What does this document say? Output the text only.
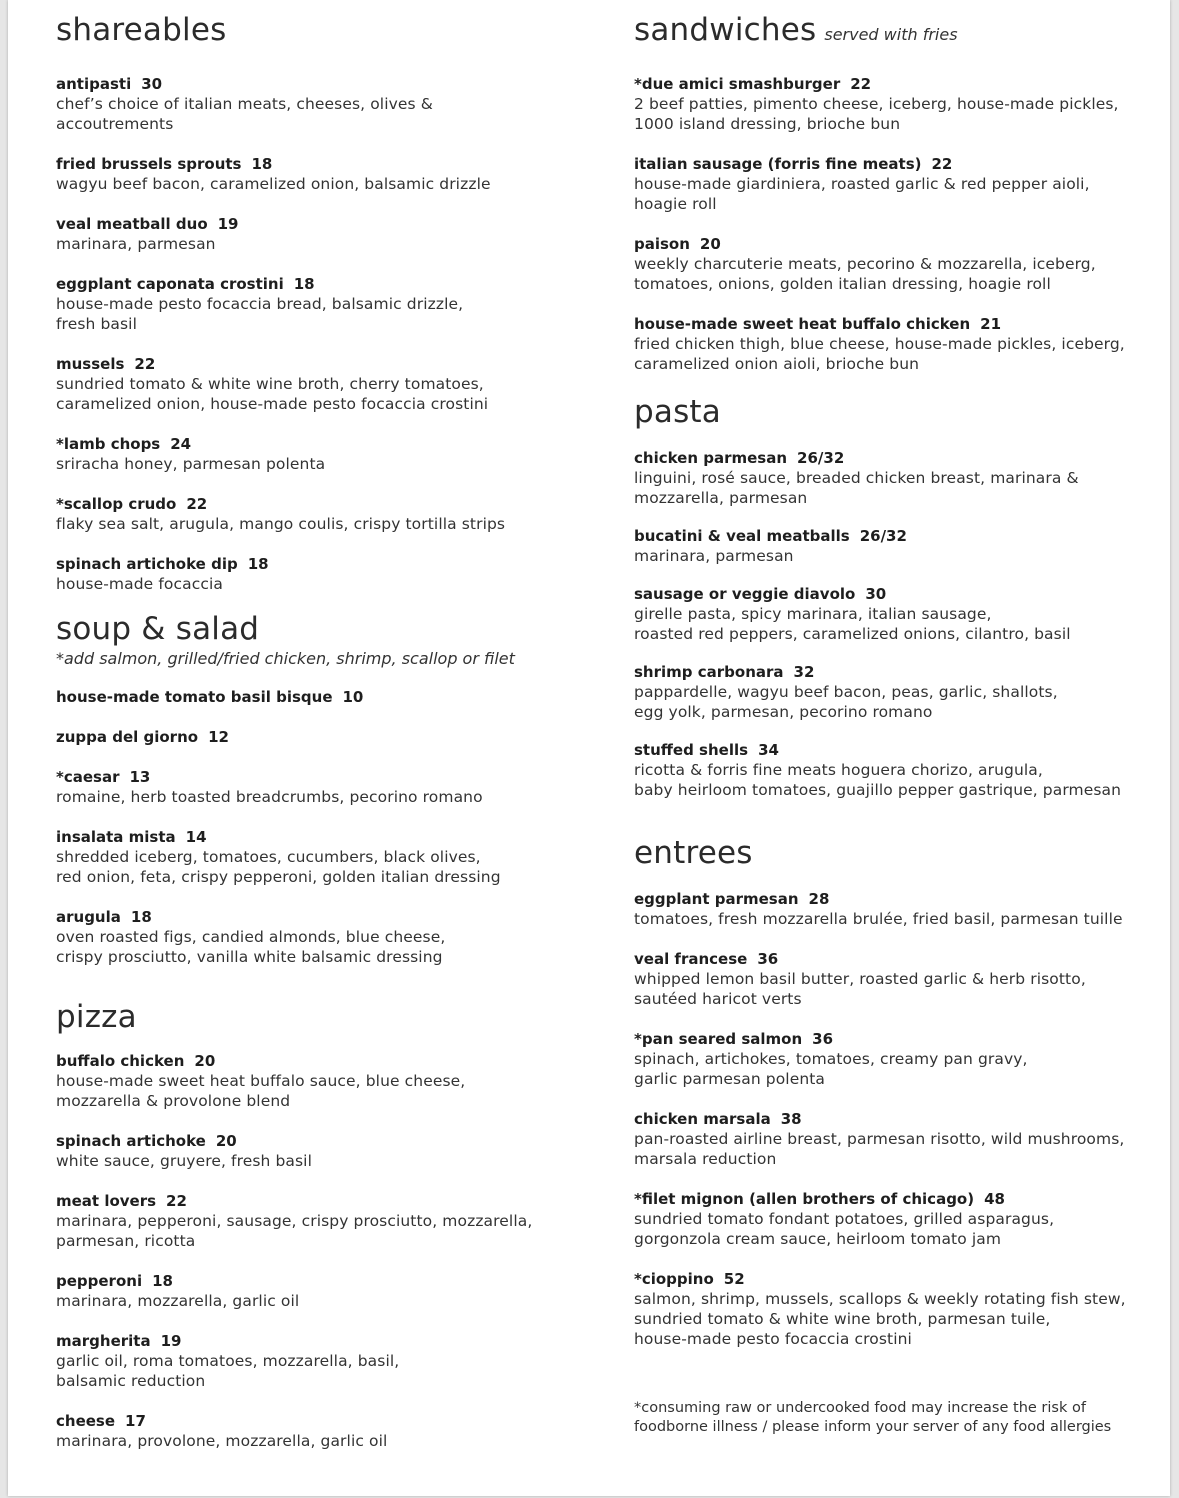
shareables
antipasti 30
chef’s choice of italian meats, cheeses, olives &
accoutrements
fried brussels sprouts 18
wagyu beef bacon, caramelized onion, balsamic drizzle
veal meatball duo 19
marinara, parmesan
eggplant caponata crostini 18
house-made pesto focaccia bread, balsamic drizzle,
fresh basil
mussels 22
sundried tomato & white wine broth, cherry tomatoes,
caramelized onion, house-made pesto focaccia crostini
*lamb chops 24
sriracha honey, parmesan polenta
*scallop crudo 22
flaky sea salt, arugula, mango coulis, crispy tortilla strips
spinach artichoke dip 18
house-made focaccia
soup & salad
*add salmon, grilled/fried chicken, shrimp, scallop or filet
house-made tomato basil bisque 10
zuppa del giorno 12
*caesar 13
romaine, herb toasted breadcrumbs, pecorino romano
insalata mista 14
shredded iceberg, tomatoes, cucumbers, black olives,
red onion, feta, crispy pepperoni, golden italian dressing
arugula 18
oven roasted figs, candied almonds, blue cheese,
crispy prosciutto, vanilla white balsamic dressing
pizza
buffalo chicken 20
house-made sweet heat buffalo sauce, blue cheese,
mozzarella & provolone blend
spinach artichoke 20
white sauce, gruyere, fresh basil
meat lovers 22
marinara, pepperoni, sausage, crispy prosciutto, mozzarella,
parmesan, ricotta
pepperoni 18
marinara, mozzarella, garlic oil
margherita 19
garlic oil, roma tomatoes, mozzarella, basil,
balsamic reduction
cheese 17
marinara, provolone, mozzarella, garlic oil
sandwiches served with fries
*due amici smashburger 22
2 beef patties, pimento cheese, iceberg, house-made pickles,
1000 island dressing, brioche bun
italian sausage (forris fine meats) 22
house-made giardiniera, roasted garlic & red pepper aioli,
hoagie roll
paison 20
weekly charcuterie meats, pecorino & mozzarella, iceberg,
tomatoes, onions, golden italian dressing, hoagie roll
house-made sweet heat buffalo chicken 21
fried chicken thigh, blue cheese, house-made pickles, iceberg,
caramelized onion aioli, brioche bun
pasta
chicken parmesan 26/32
linguini, rosé sauce, breaded chicken breast, marinara &
mozzarella, parmesan
bucatini & veal meatballs 26/32
marinara, parmesan
sausage or veggie diavolo 30
girelle pasta, spicy marinara, italian sausage,
roasted red peppers, caramelized onions, cilantro, basil
shrimp carbonara 32
pappardelle, wagyu beef bacon, peas, garlic, shallots,
egg yolk, parmesan, pecorino romano
stuffed shells 34
ricotta & forris fine meats hoguera chorizo, arugula,
baby heirloom tomatoes, guajillo pepper gastrique, parmesan
entrees
eggplant parmesan 28
tomatoes, fresh mozzarella brulée, fried basil, parmesan tuille
veal francese 36
whipped lemon basil butter, roasted garlic & herb risotto,
sautéed haricot verts
*pan seared salmon 36
spinach, artichokes, tomatoes, creamy pan gravy,
garlic parmesan polenta
chicken marsala 38
pan-roasted airline breast, parmesan risotto, wild mushrooms,
marsala reduction
*filet mignon (allen brothers of chicago) 48
sundried tomato fondant potatoes, grilled asparagus,
gorgonzola cream sauce, heirloom tomato jam
*cioppino 52
salmon, shrimp, mussels, scallops & weekly rotating fish stew,
sundried tomato & white wine broth, parmesan tuile,
house-made pesto focaccia crostini
*consuming raw or undercooked food may increase the risk of
foodborne illness / please inform your server of any food allergies
